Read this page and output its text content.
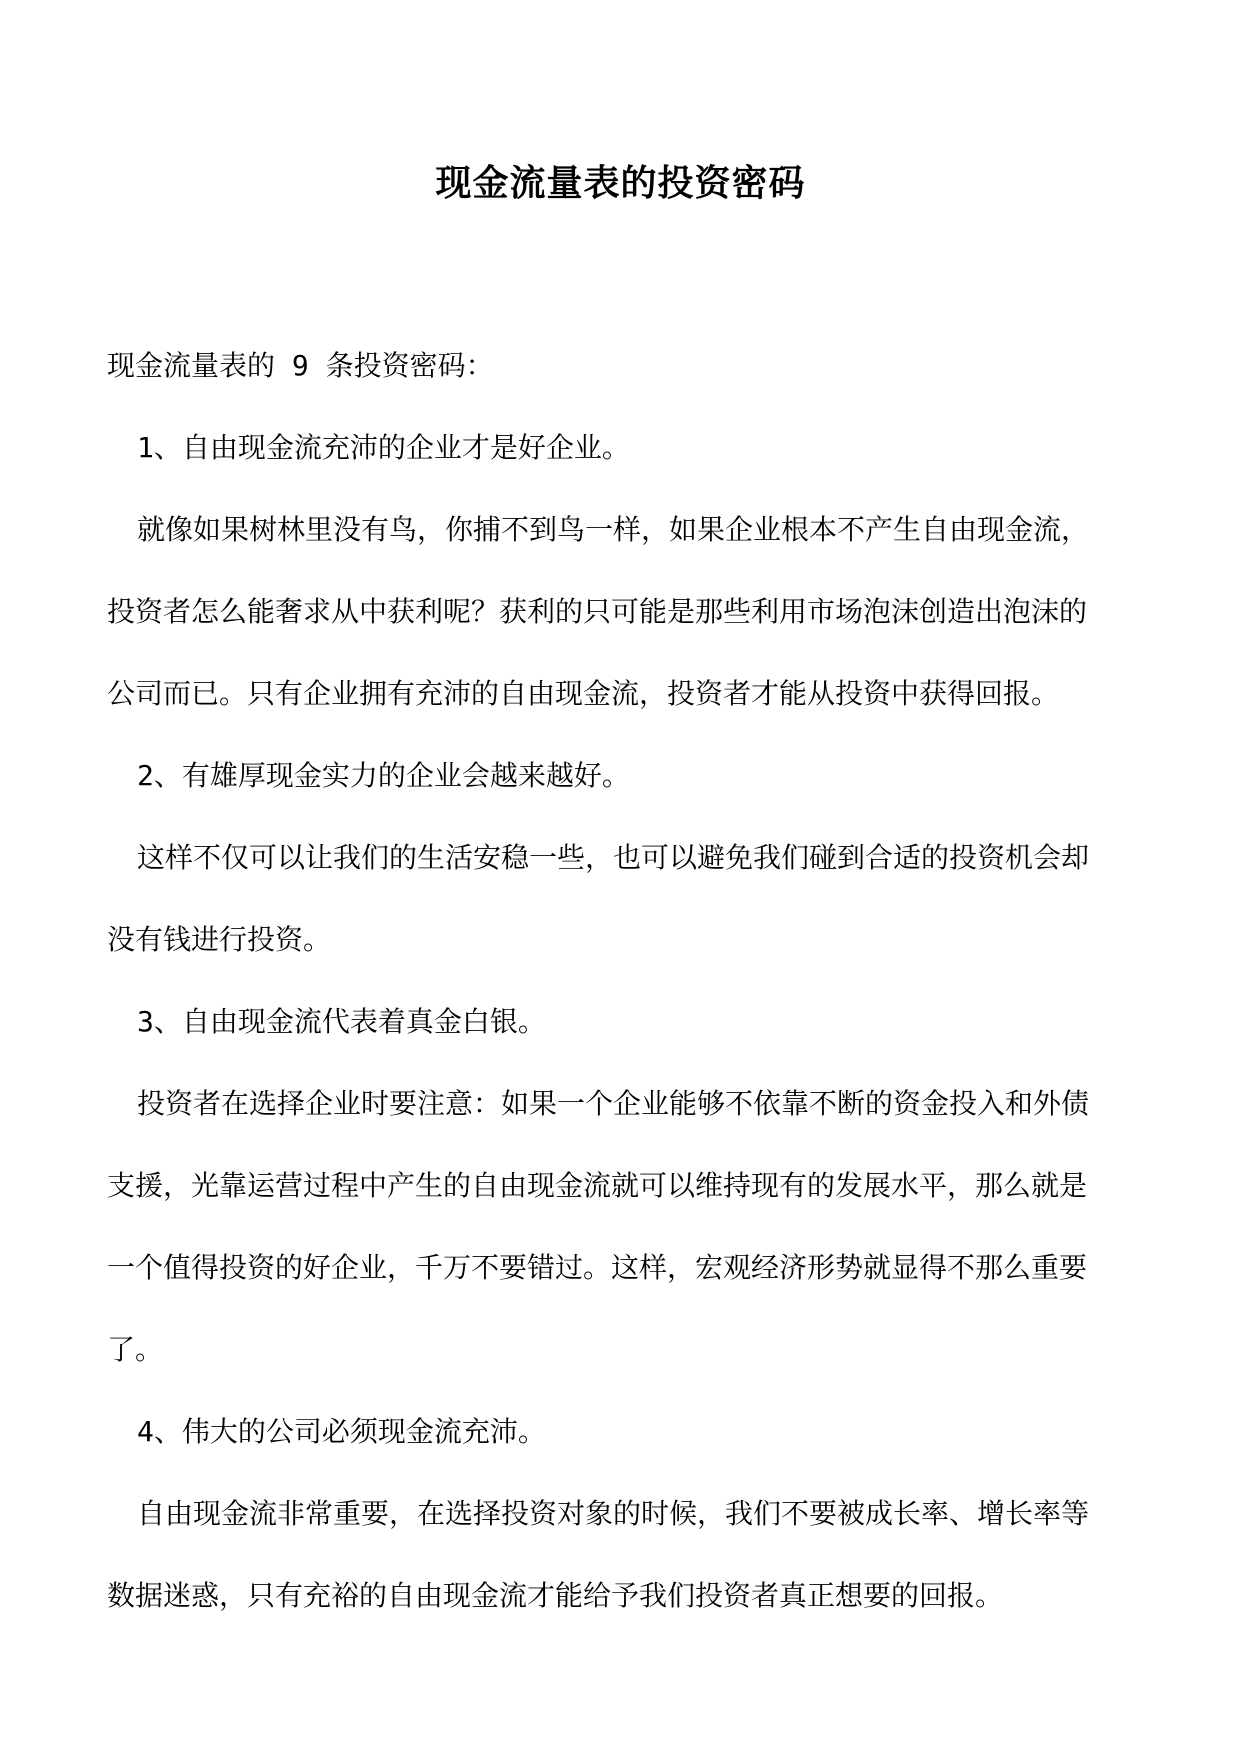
现金流量表的投资密码

现金流量表的 9 条投资密码：

1、自由现金流充沛的企业才是好企业。

就像如果树林里没有鸟，你捕不到鸟一样，如果企业根本不产生自由现金流，

投资者怎么能奢求从中获利呢？获利的只可能是那些利用市场泡沫创造出泡沫的

公司而已。只有企业拥有充沛的自由现金流，投资者才能从投资中获得回报。

2、有雄厚现金实力的企业会越来越好。

这样不仅可以让我们的生活安稳一些，也可以避免我们碰到合适的投资机会却

没有钱进行投资。

3、自由现金流代表着真金白银。

投资者在选择企业时要注意：如果一个企业能够不依靠不断的资金投入和外债

支援，光靠运营过程中产生的自由现金流就可以维持现有的发展水平，那么就是

一个值得投资的好企业，千万不要错过。这样，宏观经济形势就显得不那么重要

了。

4、伟大的公司必须现金流充沛。

自由现金流非常重要，在选择投资对象的时候，我们不要被成长率、增长率等

数据迷惑，只有充裕的自由现金流才能给予我们投资者真正想要的回报。
